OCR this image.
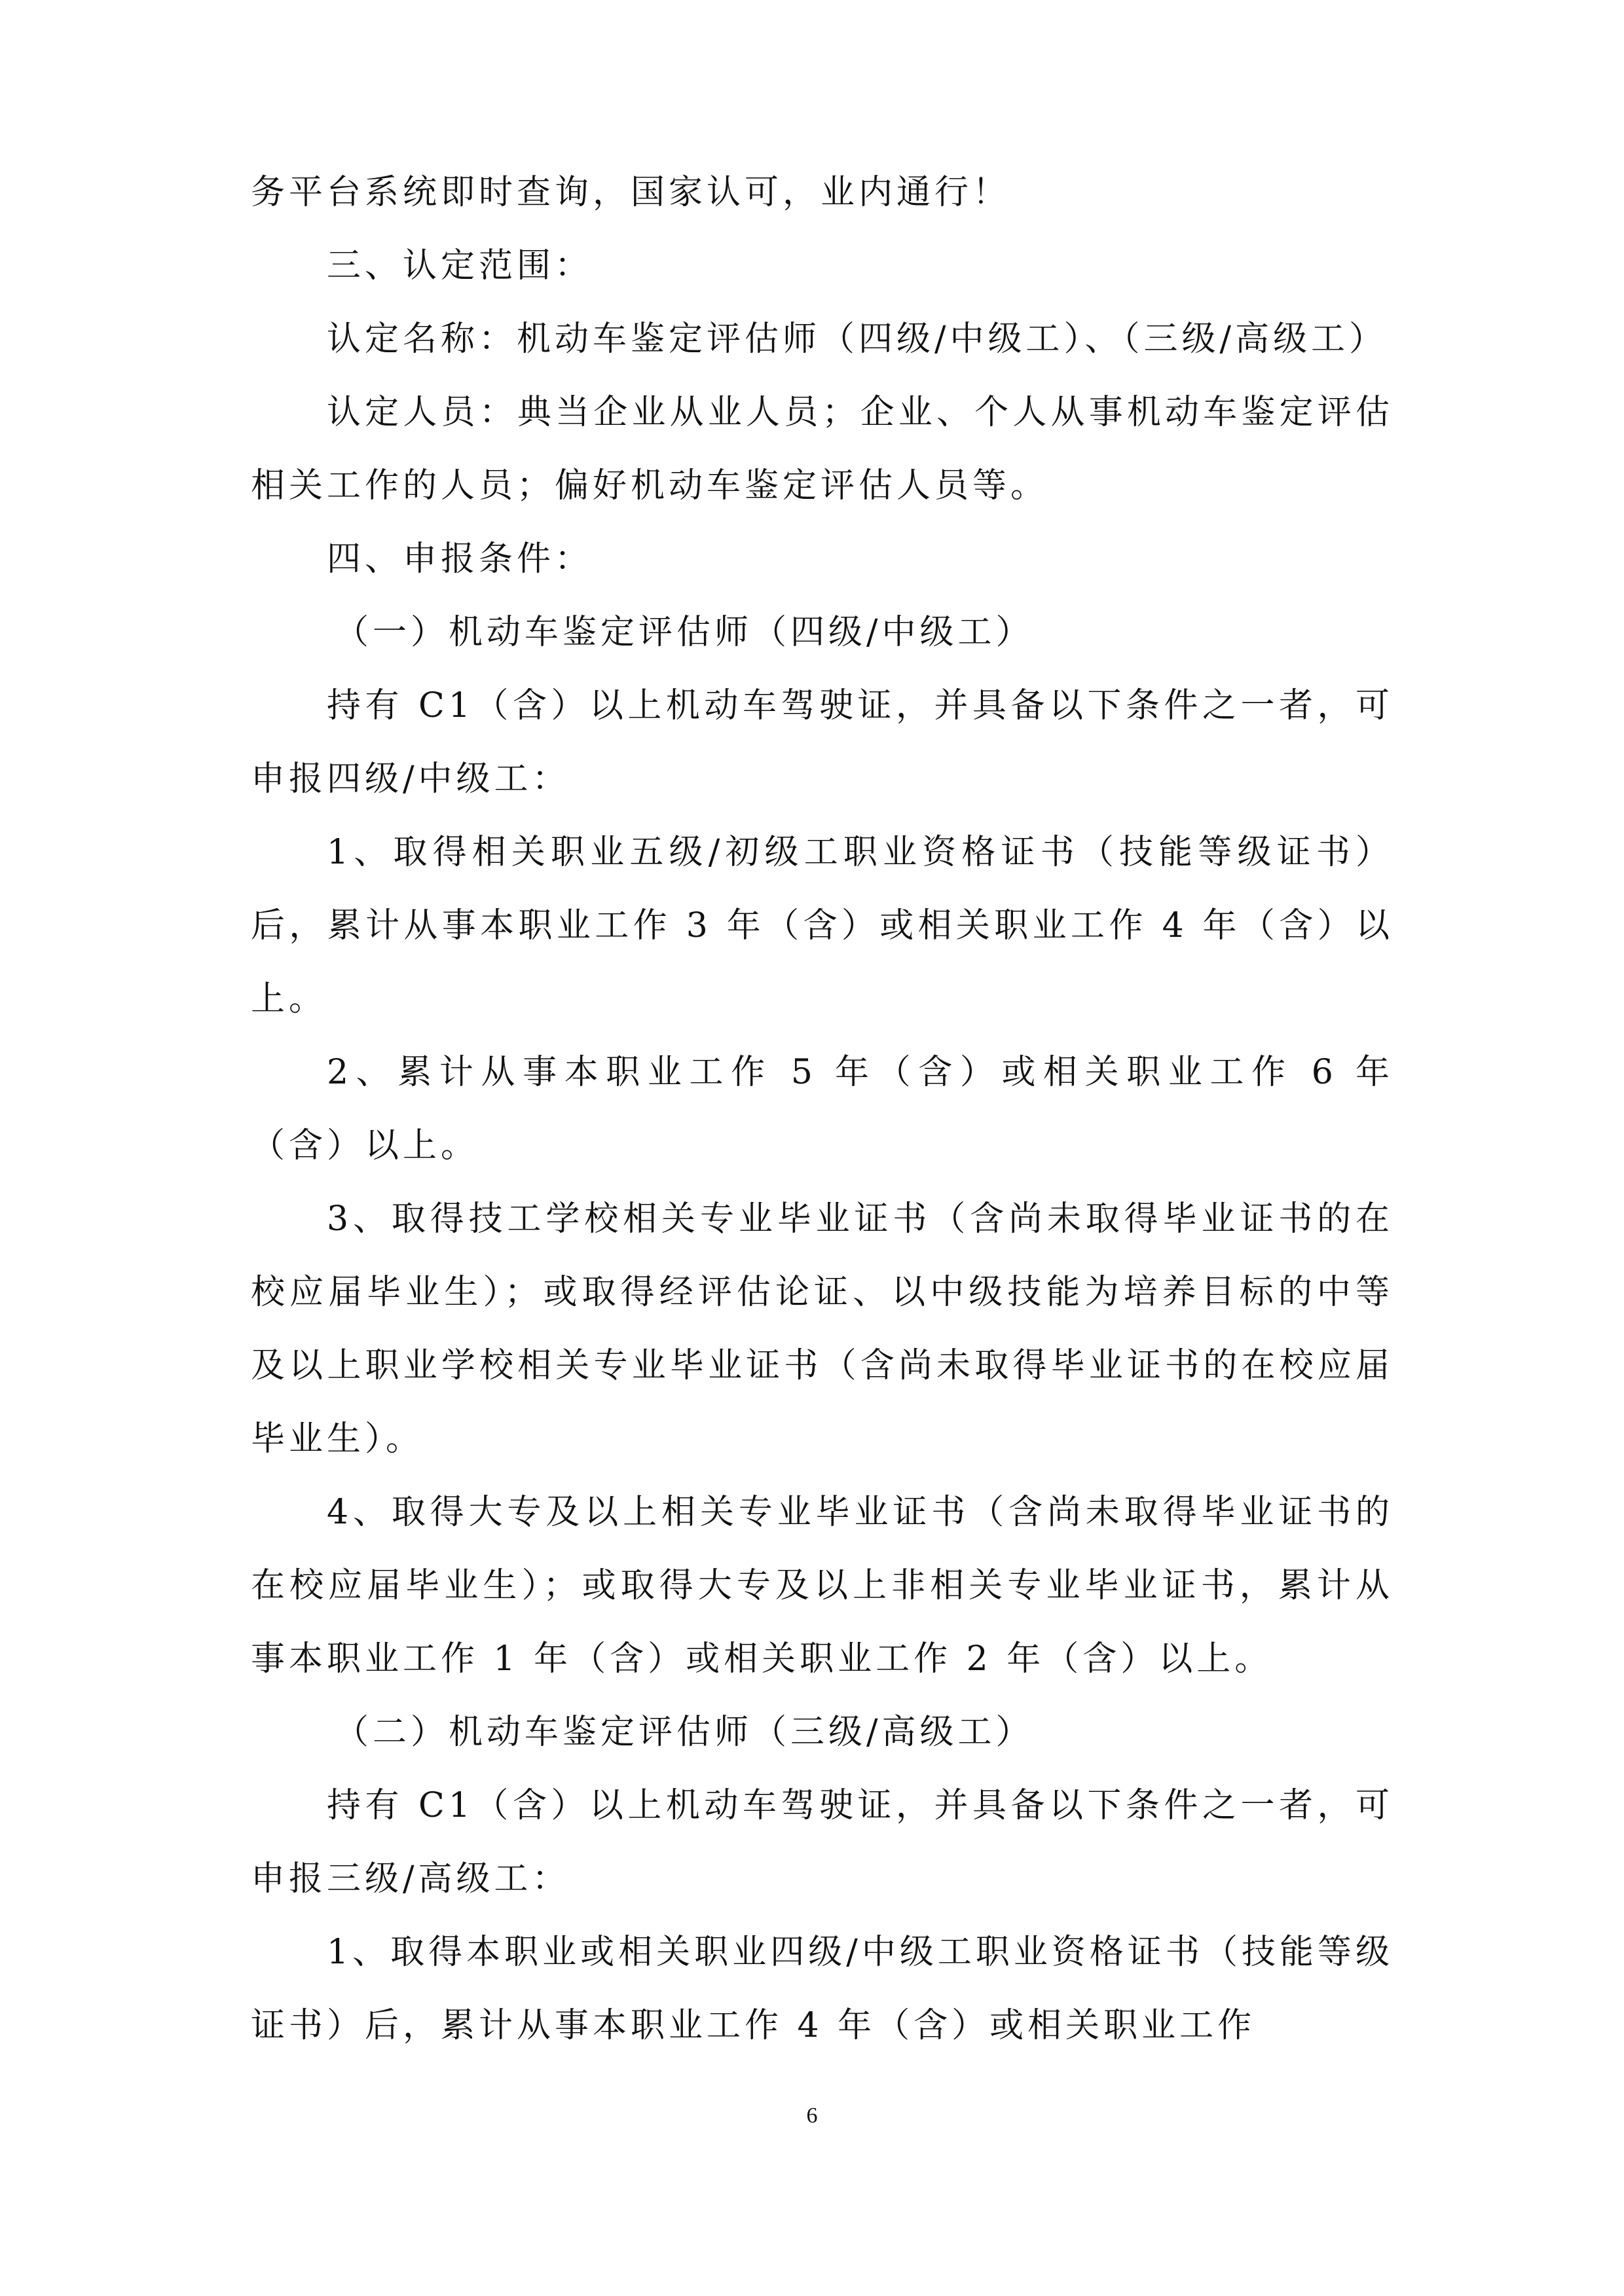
务平台系统即时查询，国家认可，业内通行！

三、认定范围：

认定名称：机动车鉴定评估师（四级/中级工）、（三级/高级工）

认定人员：典当企业从业人员；企业、个人从事机动车鉴定评估相关工作的人员；偏好机动车鉴定评估人员等。

四、申报条件：

（一）机动车鉴定评估师（四级/中级工）

持有 C1（含）以上机动车驾驶证，并具备以下条件之一者，可申报四级/中级工：

1、取得相关职业五级/初级工职业资格证书（技能等级证书）后，累计从事本职业工作 3 年（含）或相关职业工作 4 年（含）以上。

2、累计从事本职业工作 5 年（含）或相关职业工作 6 年（含）以上。

3、取得技工学校相关专业毕业证书（含尚未取得毕业证书的在校应届毕业生）；或取得经评估论证、以中级技能为培养目标的中等及以上职业学校相关专业毕业证书（含尚未取得毕业证书的在校应届毕业生）。

4、取得大专及以上相关专业毕业证书（含尚未取得毕业证书的在校应届毕业生）；或取得大专及以上非相关专业毕业证书，累计从事本职业工作 1 年（含）或相关职业工作 2 年（含）以上。

（二）机动车鉴定评估师（三级/高级工）

持有 C1（含）以上机动车驾驶证，并具备以下条件之一者，可申报三级/高级工：

1、取得本职业或相关职业四级/中级工职业资格证书（技能等级证书）后，累计从事本职业工作 4 年（含）或相关职业工作

6
